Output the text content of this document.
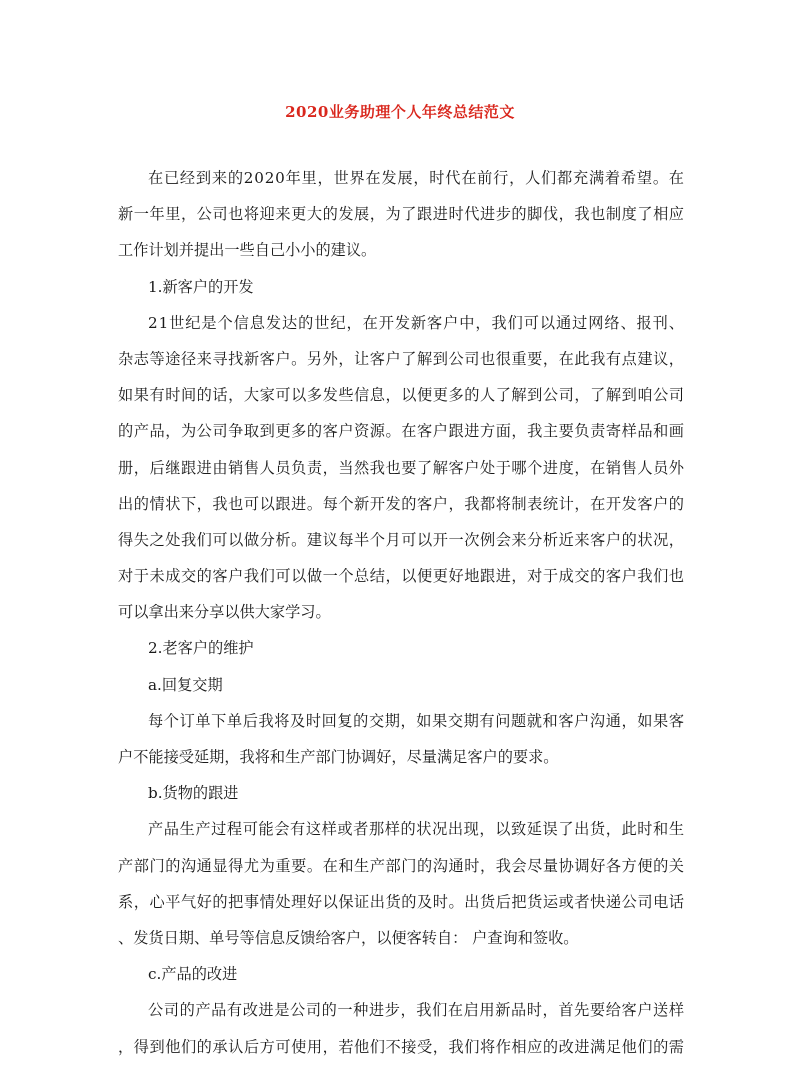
2020业务助理个人年终总结范文
在已经到来的2020年里，世界在发展，时代在前行，人们都充满着希望。在
新一年里，公司也将迎来更大的发展，为了跟进时代进步的脚伐，我也制度了相应
工作计划并提出一些自己小小的建议。
1.新客户的开发
21世纪是个信息发达的世纪，在开发新客户中，我们可以通过网络、报刊、
杂志等途径来寻找新客户。另外，让客户了解到公司也很重要，在此我有点建议，
如果有时间的话，大家可以多发些信息，以便更多的人了解到公司，了解到咱公司
的产品，为公司争取到更多的客户资源。在客户跟进方面，我主要负责寄样品和画
册，后继跟进由销售人员负责，当然我也要了解客户处于哪个进度，在销售人员外
出的情状下，我也可以跟进。每个新开发的客户，我都将制表统计，在开发客户的
得失之处我们可以做分析。建议每半个月可以开一次例会来分析近来客户的状况，
对于未成交的客户我们可以做一个总结，以便更好地跟进，对于成交的客户我们也
可以拿出来分享以供大家学习。
2.老客户的维护
a.回复交期
每个订单下单后我将及时回复的交期，如果交期有问题就和客户沟通，如果客
户不能接受延期，我将和生产部门协调好，尽量满足客户的要求。
b.货物的跟进
产品生产过程可能会有这样或者那样的状况出现，以致延误了出货，此时和生
产部门的沟通显得尤为重要。在和生产部门的沟通时，我会尽量协调好各方便的关
系，心平气好的把事情处理好以保证出货的及时。出货后把货运或者快递公司电话
、发货日期、单号等信息反馈给客户，以便客转自： 户查询和签收。
c.产品的改进
公司的产品有改进是公司的一种进步，我们在启用新品时，首先要给客户送样
，得到他们的承认后方可使用，若他们不接受，我们将作相应的改进满足他们的需
